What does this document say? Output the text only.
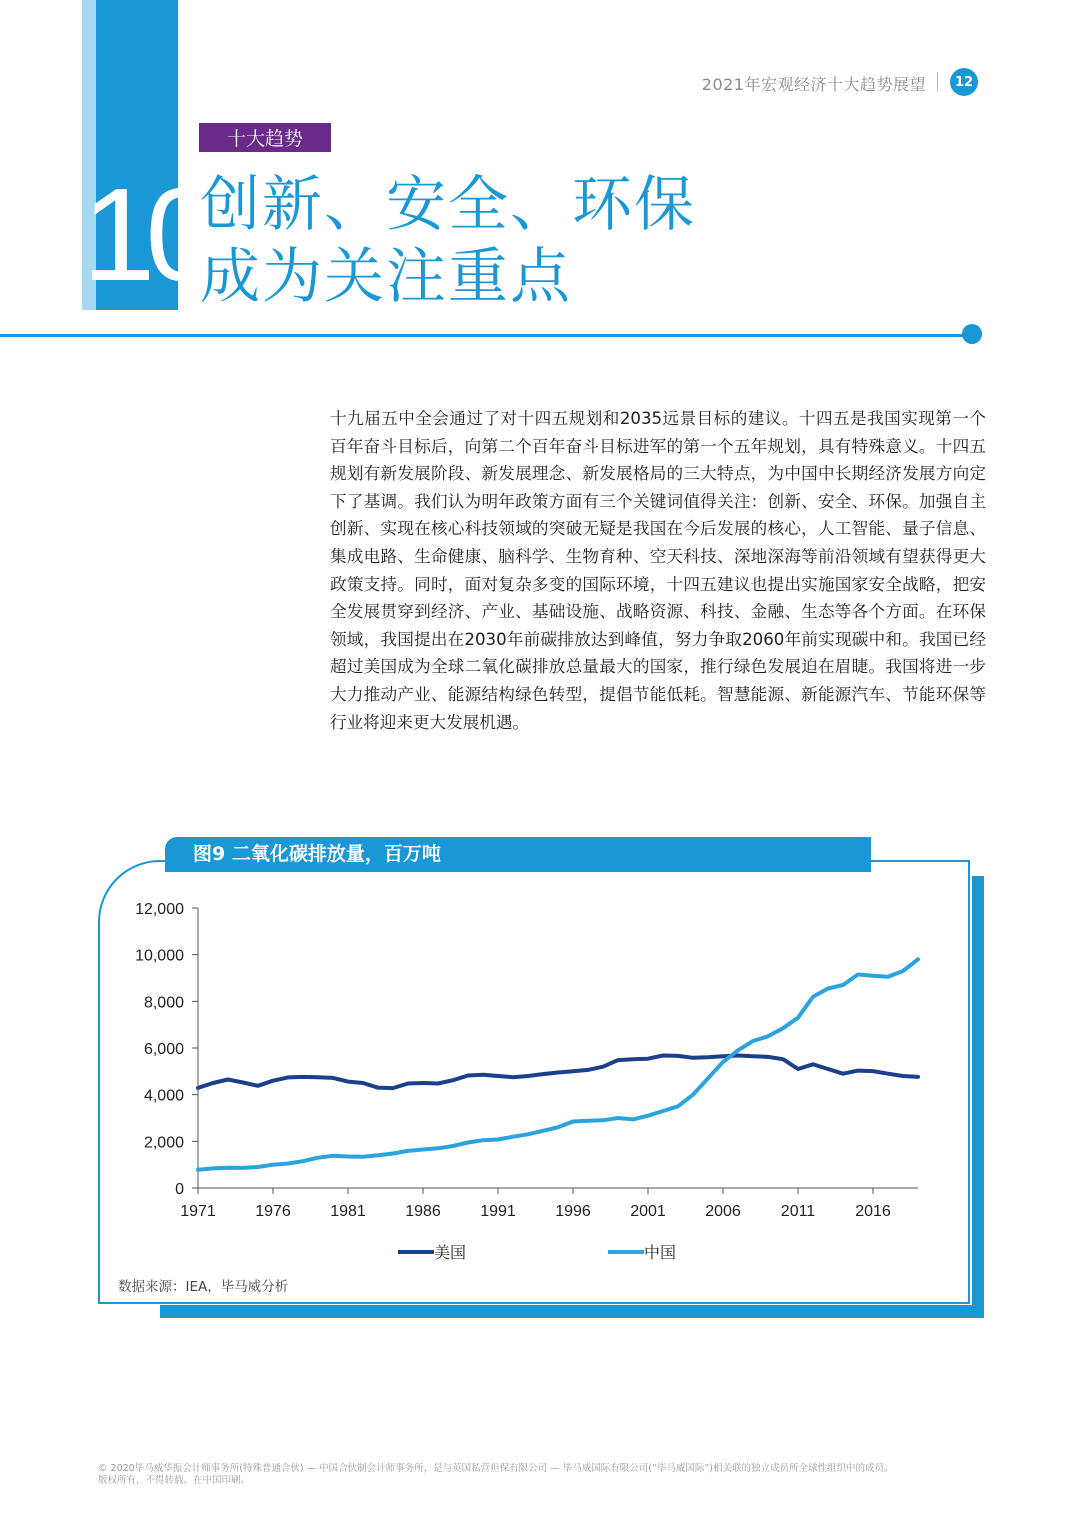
2021年宏观经济十大趋势展望	12
十大趋势
10
创新、安全、环保
成为关注重点
十九届五中全会通过了对十四五规划和2035远景目标的建议。十四五是我国实现第一个百年奋斗目标后，向第二个百年奋斗目标进军的第一个五年规划，具有特殊意义。十四五规划有新发展阶段、新发展理念、新发展格局的三大特点，为中国中长期经济发展方向定下了基调。我们认为明年政策方面有三个关键词值得关注：创新、安全、环保。加强自主创新、实现在核心科技领域的突破无疑是我国在今后发展的核心，人工智能、量子信息、集成电路、生命健康、脑科学、生物育种、空天科技、深地深海等前沿领域有望获得更大政策支持。同时，面对复杂多变的国际环境，十四五建议也提出实施国家安全战略，把安全发展贯穿到经济、产业、基础设施、战略资源、科技、金融、生态等各个方面。在环保领域，我国提出在2030年前碳排放达到峰值，努力争取2060年前实现碳中和。我国已经超过美国成为全球二氧化碳排放总量最大的国家，推行绿色发展迫在眉睫。我国将进一步大力推动产业、能源结构绿色转型，提倡节能低耗。智慧能源、新能源汽车、节能环保等行业将迎来更大发展机遇。
图9 二氧化碳排放量，百万吨
0
2,000
4,000
6,000
8,000
10,000
12,000
1971 1976 1981 1986 1991 1996 2001 2006	2011	2016
美国	中国
数据来源：IEA，毕马威分析
© 2020毕马威华振会计师事务所(特殊普通合伙) — 中国合伙制会计师事务所，是与英国私营担保有限公司 — 毕马威国际有限公司(“毕马威国际”)相关联的独立成员所全球性组织中的成员。
版权所有，不得转载。在中国印刷。
